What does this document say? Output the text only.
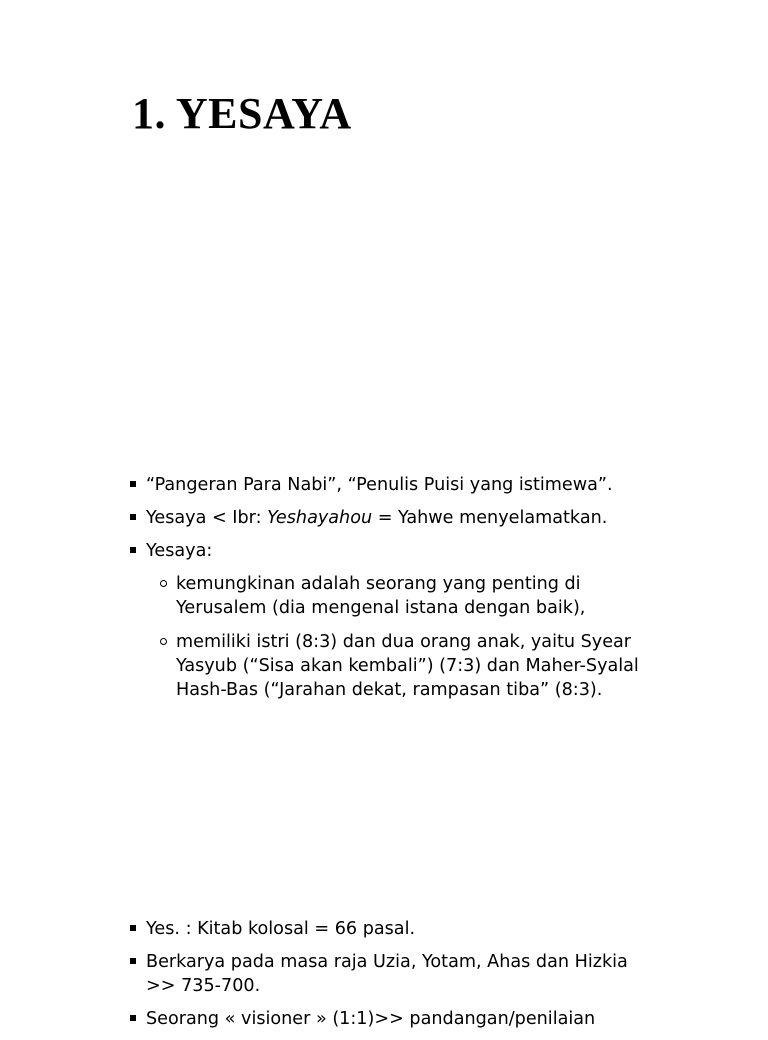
1. YESAYA
“Pangeran Para Nabi”, “Penulis Puisi yang istimewa”.
Yesaya < Ibr: Yeshayahou = Yahwe menyelamatkan.
Yesaya:
kemungkinan adalah seorang yang penting di Yerusalem (dia mengenal istana dengan baik),
memiliki istri (8:3) dan dua orang anak, yaitu Syear Yasyub (“Sisa akan kembali”) (7:3) dan Maher-Syalal Hash-Bas (“Jarahan dekat, rampasan tiba” (8:3).
Yes. : Kitab kolosal = 66 pasal.
Berkarya pada masa raja Uzia, Yotam, Ahas dan Hizkia >> 735-700.
Seorang « visioner » (1:1)>> pandangan/penilaian
